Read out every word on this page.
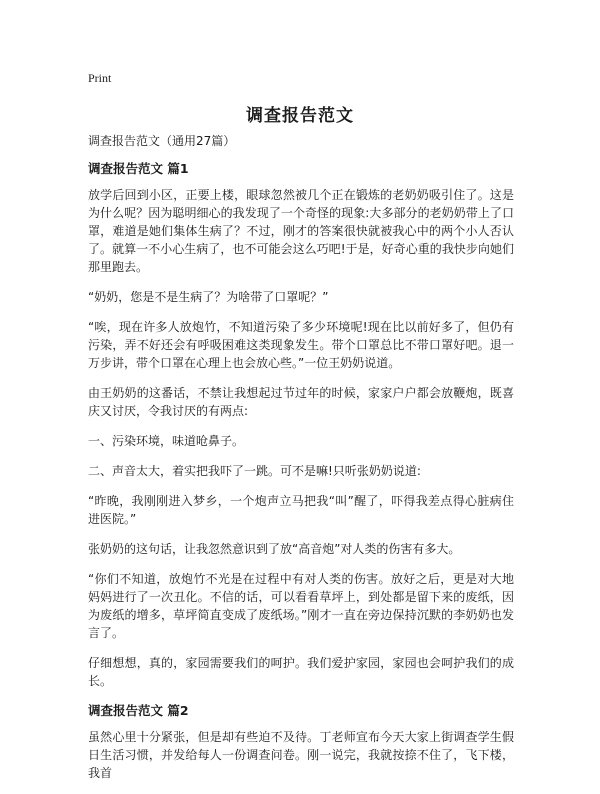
Print
调查报告范文

调查报告范文（通用27篇）

调查报告范文 篇1

放学后回到小区，正要上楼，眼球忽然被几个正在锻炼的老奶奶吸引住了。这是为什么呢？因为聪明细心的我发现了一个奇怪的现象:大多部分的老奶奶带上了口罩，难道是她们集体生病了？不过，刚才的答案很快就被我心中的两个小人否认了。就算一不小心生病了，也不可能会这么巧吧!于是，好奇心重的我快步向她们那里跑去。

“奶奶，您是不是生病了？为啥带了口罩呢？”

“唉，现在许多人放炮竹，不知道污染了多少环境呢!现在比以前好多了，但仍有污染，弄不好还会有呼吸困难这类现象发生。带个口罩总比不带口罩好吧。退一万步讲，带个口罩在心理上也会放心些。”一位王奶奶说道。

由王奶奶的这番话，不禁让我想起过节过年的时候，家家户户都会放鞭炮，既喜庆又讨厌，令我讨厌的有两点:

一、污染环境，味道呛鼻子。

二、声音太大，着实把我吓了一跳。可不是嘛!只听张奶奶说道:

“昨晚，我刚刚进入梦乡，一个炮声立马把我“叫”醒了，吓得我差点得心脏病住进医院。”

张奶奶的这句话，让我忽然意识到了放“高音炮”对人类的伤害有多大。

“你们不知道，放炮竹不光是在过程中有对人类的伤害。放好之后，更是对大地妈妈进行了一次丑化。不信的话，可以看看草坪上，到处都是留下来的废纸，因为废纸的增多，草坪简直变成了废纸场。”刚才一直在旁边保持沉默的李奶奶也发言了。

仔细想想，真的，家园需要我们的呵护。我们爱护家园，家园也会呵护我们的成长。

调查报告范文 篇2

虽然心里十分紧张，但是却有些迫不及待。丁老师宣布今天大家上街调查学生假日生活习惯，并发给每人一份调查问卷。刚一说完，我就按捺不住了，飞下楼，我首
